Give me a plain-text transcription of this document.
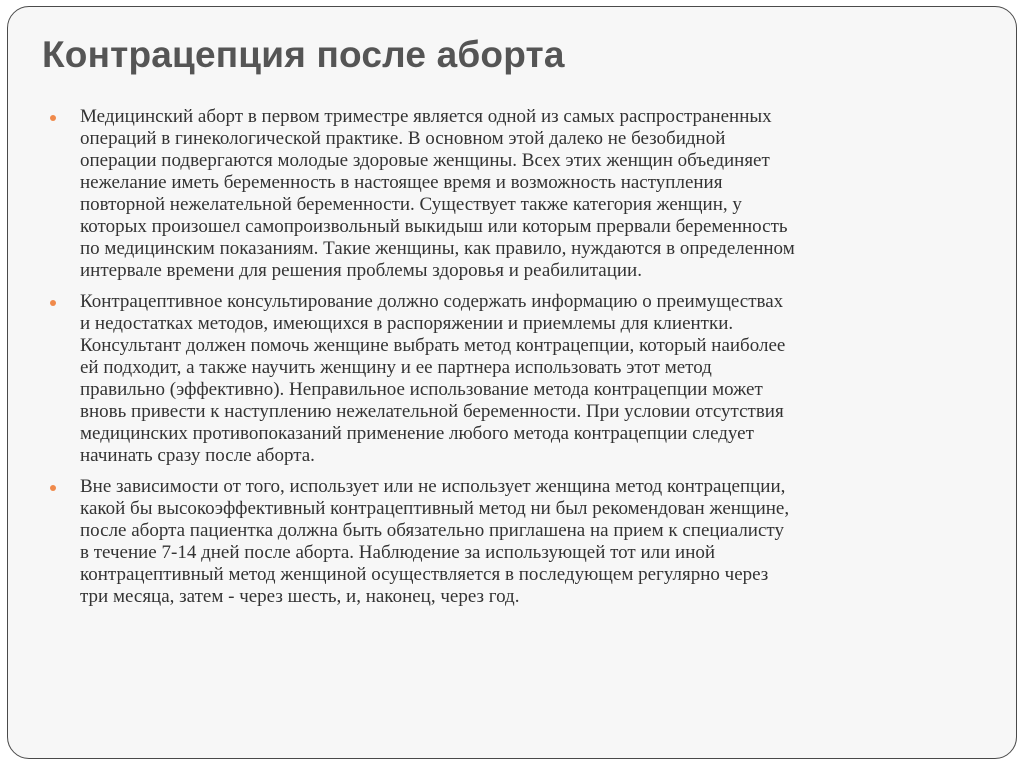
Контрацепция после аборта
Медицинский аборт в первом триместре является одной из самых распространенных
операций в гинекологической практике. В основном этой далеко не безобидной
операции подвергаются молодые здоровые женщины. Всех этих женщин объединяет
нежелание иметь беременность в настоящее время и возможность наступления
повторной нежелательной беременности. Существует также категория женщин, у
которых произошел самопроизвольный выкидыш или которым прервали беременность
по медицинским показаниям. Такие женщины, как правило, нуждаются в определенном
интервале времени для решения проблемы здоровья и реабилитации.
Контрацептивное консультирование должно содержать информацию о преимуществах
и недостатках методов, имеющихся в распоряжении и приемлемы для клиентки.
Консультант должен помочь женщине выбрать метод контрацепции, который наиболее
ей подходит, а также научить женщину и ее партнера использовать этот метод
правильно (эффективно). Неправильное использование метода контрацепции может
вновь привести к наступлению нежелательной беременности. При условии отсутствия
медицинских противопоказаний применение любого метода контрацепции следует
начинать сразу после аборта.
Вне зависимости от того, использует или не использует женщина метод контрацепции,
какой бы высокоэффективный контрацептивный метод ни был рекомендован женщине,
после аборта пациентка должна быть обязательно приглашена на прием к специалисту
в течение 7-14 дней после аборта. Наблюдение за использующей тот или иной
контрацептивный метод женщиной осуществляется в последующем регулярно через
три месяца, затем - через шесть, и, наконец, через год.
